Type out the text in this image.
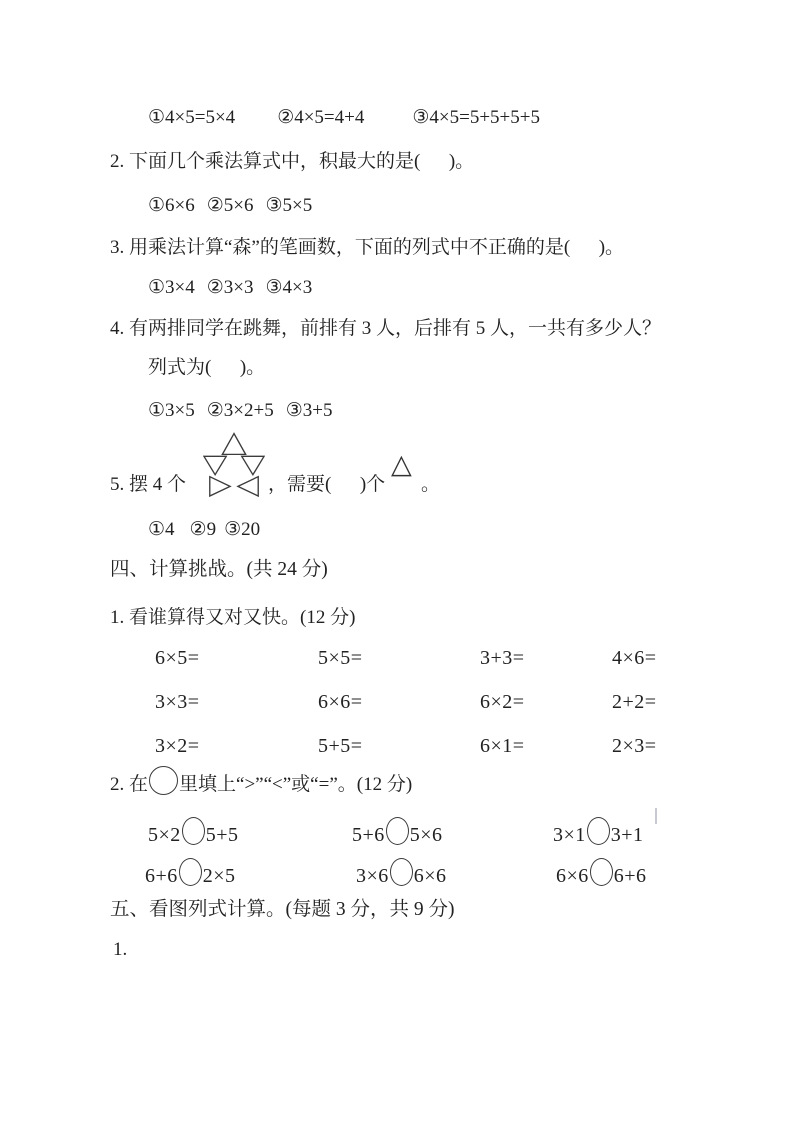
①4×5=5×4 ②4×5=4+4	③4×5=5+5+5+5
2. 下面几个乘法算式中，积最大的是(      )。
①6×6 ②5×6 ③5×5
3. 用乘法计算“森”的笔画数，下面的列式中不正确的是(      )。
①3×4 ②3×3 ③4×3
4. 有两排同学在跳舞，前排有 3 人，后排有 5 人，一共有多少人？
列式为(      )。
①3×5 ②3×2+5 ③3+5
5. 摆 4 个	，需要(      )个
△
。
①4 ②9 ③20
四、计算挑战。(共 24 分)
1. 看谁算得又对又快。(12 分)
6×5=	5×5=	3+3=	4×6=
3×3=	6×6=	6×2=	2+2=
3×2=	5+5=	6×1=	2×3=
2. 在 里填上“>”“<”或“=”。(12 分)
5×2 5+5	5+6 5×6	3×1 3+1
6+6 2×5	3×6 6×6	6×6 6+6
五、看图列式计算。(每题 3 分，共 9 分)
1.
